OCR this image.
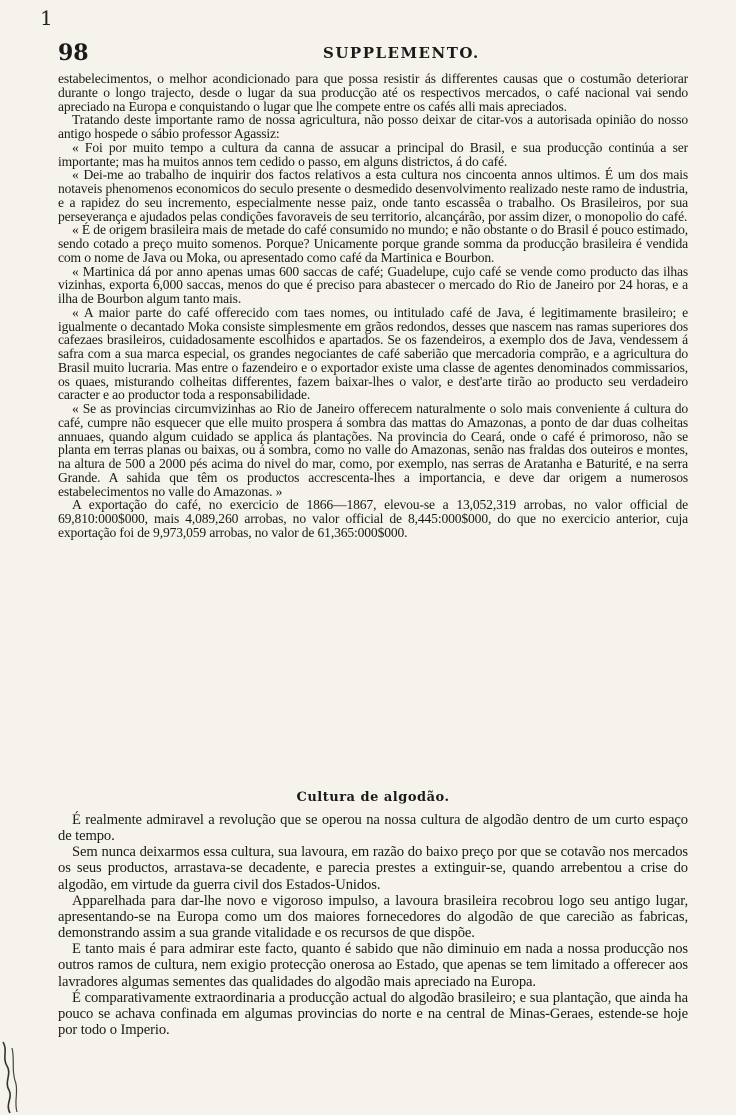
1
98	SUPPLEMENTO.

estabelecimentos, o melhor acondicionado para que possa resistir ás differentes causas que o costumão deteriorar durante o longo trajecto, desde o lugar da sua producção até os respectivos mercados, o café nacional vai sendo apreciado na Europa e conquistando o lugar que lhe compete entre os cafés alli mais apreciados.

Tratando deste importante ramo de nossa agricultura, não posso deixar de citar-vos a autorisada opinião do nosso antigo hospede o sábio professor Agassiz:

« Foi por muito tempo a cultura da canna de assucar a principal do Brasil, e sua producção continúa a ser importante; mas ha muitos annos tem cedido o passo, em alguns districtos, á do café.

« Dei-me ao trabalho de inquirir dos factos relativos a esta cultura nos cincoenta annos ultimos. É um dos mais notaveis phenomenos economicos do seculo presente o desmedido desenvolvimento realizado neste ramo de industria, e a rapidez do seu incremento, especialmente nesse paiz, onde tanto escassêa o trabalho. Os Brasileiros, por sua perseverança e ajudados pelas condições favoraveis de seu territorio, alcançárão, por assim dizer, o monopolio do café.

« É de origem brasileira mais de metade do café consumido no mundo; e não obstante o do Brasil é pouco estimado, sendo cotado a preço muito somenos. Porque? Unicamente porque grande somma da producção brasileira é vendida com o nome de Java ou Moka, ou apresentado como café da Martinica e Bourbon.

« Martinica dá por anno apenas umas 600 saccas de café; Guadelupe, cujo café se vende como producto das ilhas vizinhas, exporta 6,000 saccas, menos do que é preciso para abastecer o mercado do Rio de Janeiro por 24 horas, e a ilha de Bourbon algum tanto mais.

« A maior parte do café offerecido com taes nomes, ou intitulado café de Java, é legitimamente brasileiro; e igualmente o decantado Moka consiste simplesmente em grãos redondos, desses que nascem nas ramas superiores dos cafezaes brasileiros, cuidadosamente escolhidos e apartados. Se os fazendeiros, a exemplo dos de Java, vendessem á safra com a sua marca especial, os grandes negociantes de café saberião que mercadoria comprão, e a agricultura do Brasil muito lucraria. Mas entre o fazendeiro e o exportador existe uma classe de agentes denominados commissarios, os quaes, misturando colheitas differentes, fazem baixar-lhes o valor, e dest'arte tirão ao producto seu verdadeiro caracter e ao productor toda a responsabilidade.

« Se as provincias circumvizinhas ao Rio de Janeiro offerecem naturalmente o solo mais conveniente á cultura do café, cumpre não esquecer que elle muito prospera á sombra das mattas do Amazonas, a ponto de dar duas colheitas annuaes, quando algum cuidado se applica ás plantações. Na provincia do Ceará, onde o café é primoroso, não se planta em terras planas ou baixas, ou á sombra, como no valle do Amazonas, senão nas fraldas dos outeiros e montes, na altura de 500 a 2000 pés acima do nivel do mar, como, por exemplo, nas serras de Aratanha e Baturité, e na serra Grande. A sahida que têm os productos accrescenta-lhes a importancia, e deve dar origem a numerosos estabelecimentos no valle do Amazonas. »

A exportação do café, no exercicio de 1866—1867, elevou-se a 13,052,319 arrobas, no valor official de 69,810:000$000, mais 4,089,260 arrobas, no valor official de 8,445:000$000, do que no exercicio anterior, cuja exportação foi de 9,973,059 arrobas, no valor de 61,365:000$000.

Cultura de algodão.

É realmente admiravel a revolução que se operou na nossa cultura de algodão dentro de um curto espaço de tempo.

Sem nunca deixarmos essa cultura, sua lavoura, em razão do baixo preço por que se cotavão nos mercados os seus productos, arrastava-se decadente, e parecia prestes a extinguir-se, quando arrebentou a crise do algodão, em virtude da guerra civil dos Estados-Unidos.

Apparelhada para dar-lhe novo e vigoroso impulso, a lavoura brasileira recobrou logo seu antigo lugar, apresentando-se na Europa como um dos maiores fornecedores do algodão de que carecião as fabricas, demonstrando assim a sua grande vitalidade e os recursos de que dispõe.

E tanto mais é para admirar este facto, quanto é sabido que não diminuio em nada a nossa producção nos outros ramos de cultura, nem exigio protecção onerosa ao Estado, que apenas se tem limitado a offerecer aos lavradores algumas sementes das qualidades do algodão mais apreciado na Europa.

É comparativamente extraordinaria a producção actual do algodão brasileiro; e sua plantação, que ainda ha pouco se achava confinada em algumas provincias do norte e na central de Minas-Geraes, estende-se hoje por todo o Imperio.
